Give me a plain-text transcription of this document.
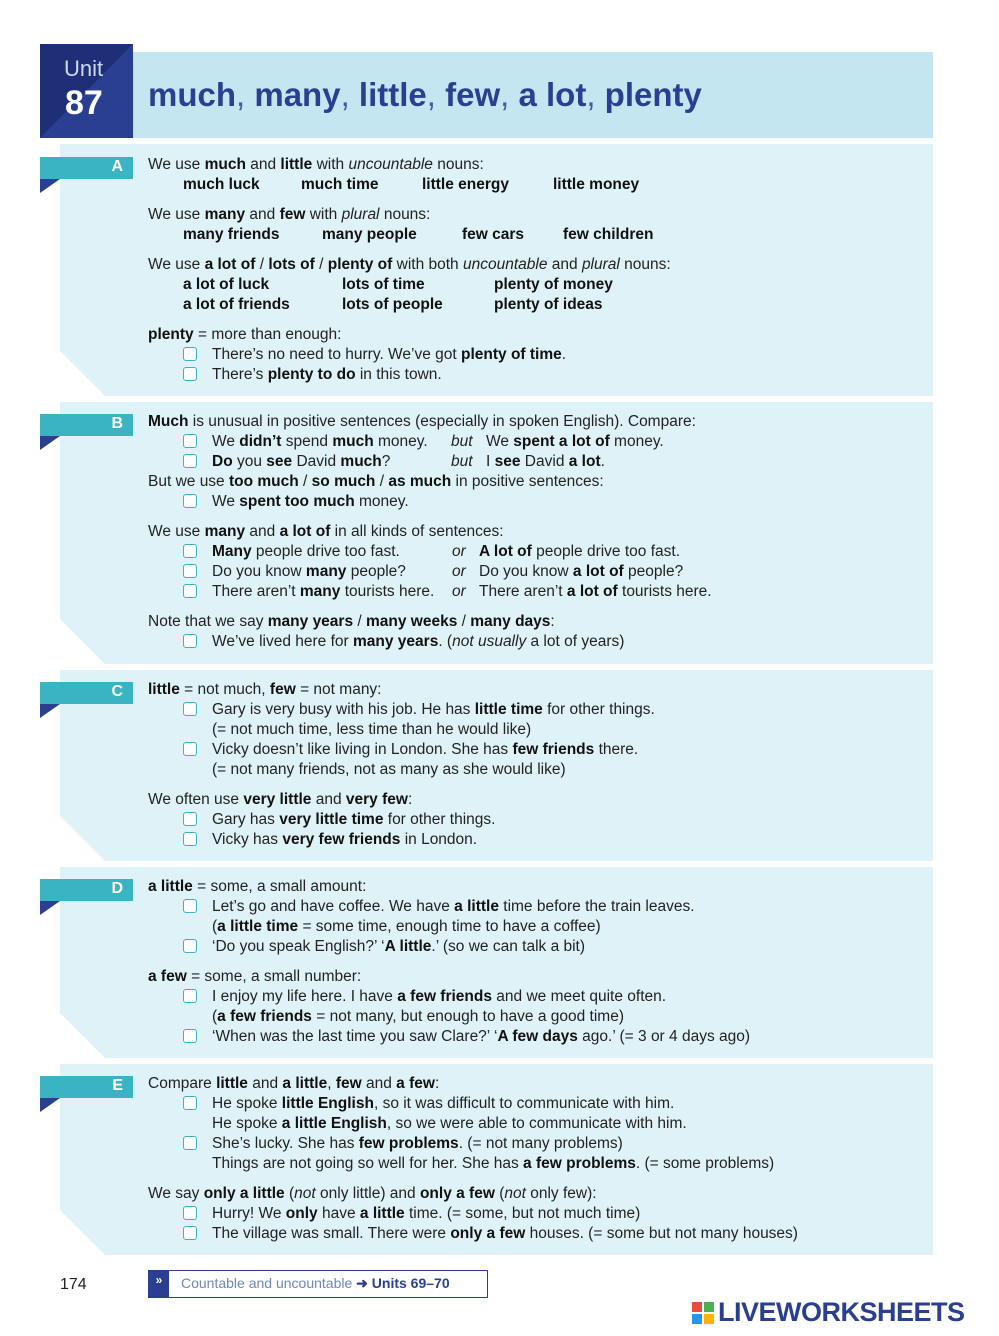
Unit
87 much, many, little, few, a lot, plenty
A We use much and little with uncountable nouns:
much luck	much time	little energy	little money
We use many and few with plural nouns:
many friends	many people	few cars	few children
We use a lot of / lots of / plenty of with both uncountable and plural nouns:
a lot of luck	lots of time	plenty of money
a lot of friends	lots of people	plenty of ideas
plenty = more than enough:
There’s no need to hurry. We’ve got plenty of time.
There’s plenty to do in this town.
B Much is unusual in positive sentences (especially in spoken English). Compare:
We didn’t spend much money. but We spent a lot of money.
Do you see David much?	but I see David a lot.
But we use too much / so much / as much in positive sentences:
We spent too much money.
We use many and a lot of in all kinds of sentences:
Many people drive too fast.	or A lot of people drive too fast.
Do you know many people?	or Do you know a lot of people?
There aren’t many tourists here. or There aren’t a lot of tourists here.
Note that we say many years / many weeks / many days:
We’ve lived here for many years. (not usually a lot of years)
C little = not much, few = not many:
Gary is very busy with his job. He has little time for other things.
(= not much time, less time than he would like)
Vicky doesn’t like living in London. She has few friends there.
(= not many friends, not as many as she would like)
We often use very little and very few:
Gary has very little time for other things.
Vicky has very few friends in London.
D a little = some, a small amount:
Let’s go and have coffee. We have a little time before the train leaves.
(a little time = some time, enough time to have a coffee)
‘Do you speak English?’ ‘A little.’ (so we can talk a bit)
a few = some, a small number:
I enjoy my life here. I have a few friends and we meet quite often.
(a few friends = not many, but enough to have a good time)
‘When was the last time you saw Clare?’ ‘A few days ago.’ (= 3 or 4 days ago)
E Compare little and a little, few and a few:
He spoke little English, so it was difficult to communicate with him.
He spoke a little English, so we were able to communicate with him.
She’s lucky. She has few problems. (= not many problems)
Things are not going so well for her. She has a few problems. (= some problems)
We say only a little (not only little) and only a few (not only few):
Hurry! We only have a little time. (= some, but not much time)
The village was small. There were only a few houses. (= some but not many houses)
174	»	Countable and uncountable ➜ Units 69–70
LIVEWORKSHEETS
